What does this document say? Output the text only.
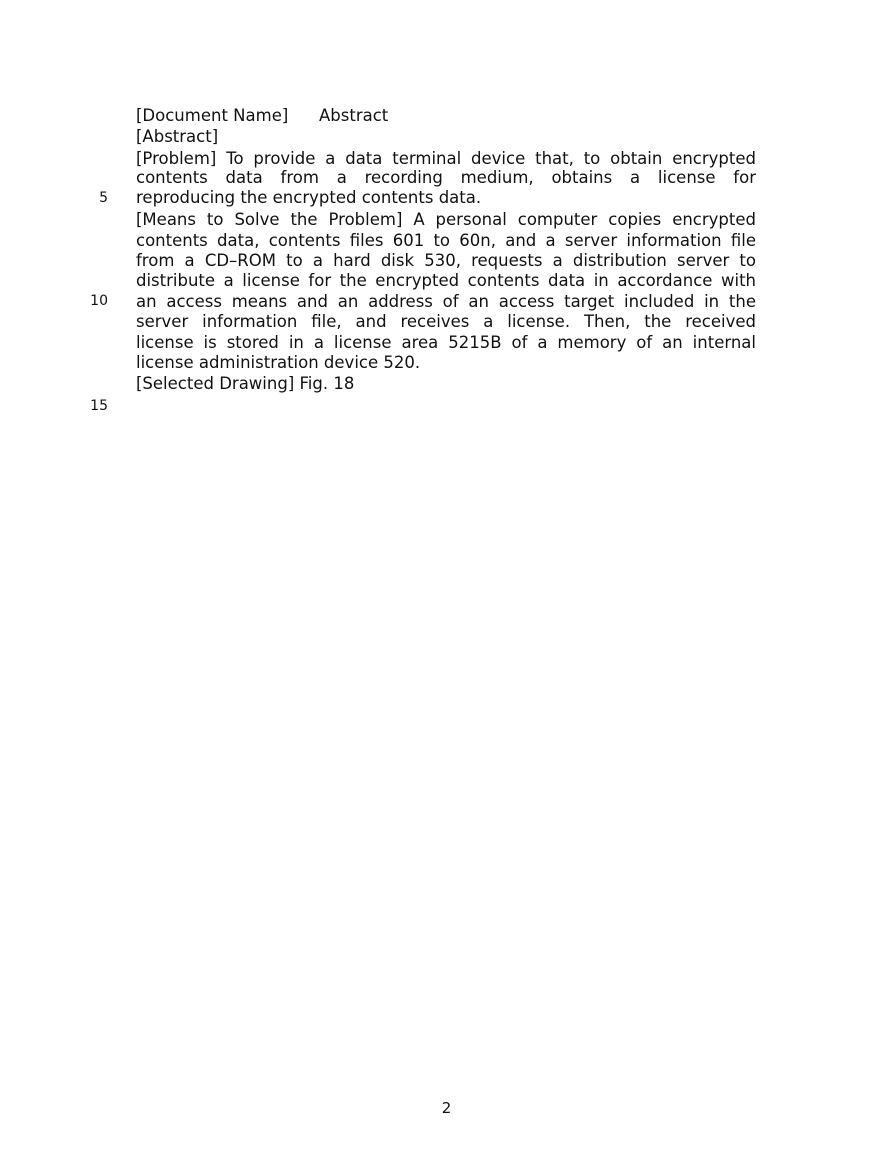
5
10
15
[Document Name] Abstract
[Abstract]
[Problem] To provide a data terminal device that, to obtain encrypted
contents data from a recording medium, obtains a license for
reproducing the encrypted contents data.
[Means to Solve the Problem] A personal computer copies encrypted
contents data, contents files 601 to 60n, and a server information file
from a CD–ROM to a hard disk 530, requests a distribution server to
distribute a license for the encrypted contents data in accordance with
an access means and an address of an access target included in the
server information file, and receives a license. Then, the received
license is stored in a license area 5215B of a memory of an internal
license administration device 520.
[Selected Drawing] Fig. 18
2
